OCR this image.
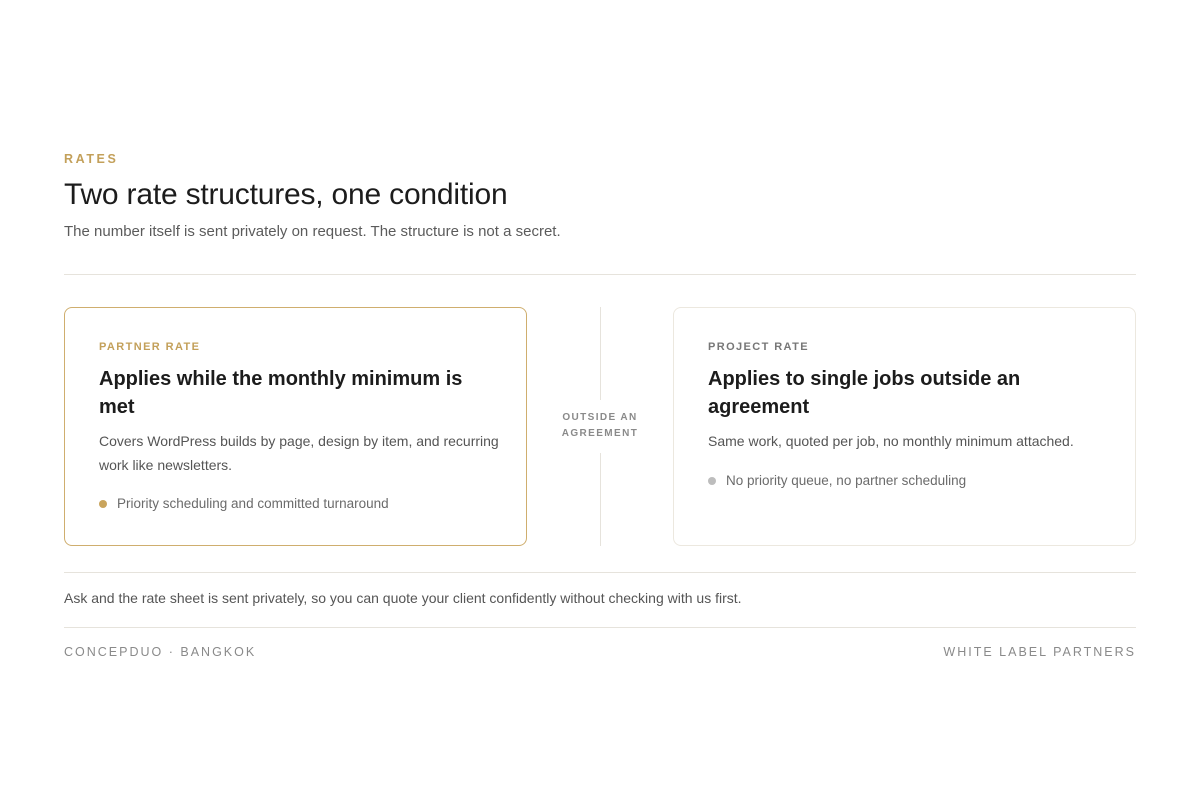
RATES
Two rate structures, one condition

The number itself is sent privately on request. The structure is not a secret.

PARTNER RATE
Applies while the monthly minimum is met
Covers WordPress builds by page, design by item, and recurring work like newsletters.
Priority scheduling and committed turnaround
OUTSIDE AN
AGREEMENT
PROJECT RATE
Applies to single jobs outside an agreement
Same work, quoted per job, no monthly minimum attached.
No priority queue, no partner scheduling

Ask and the rate sheet is sent privately, so you can quote your client confidently without checking with us first.

CONCEPDUO · BANGKOK	WHITE LABEL PARTNERS
